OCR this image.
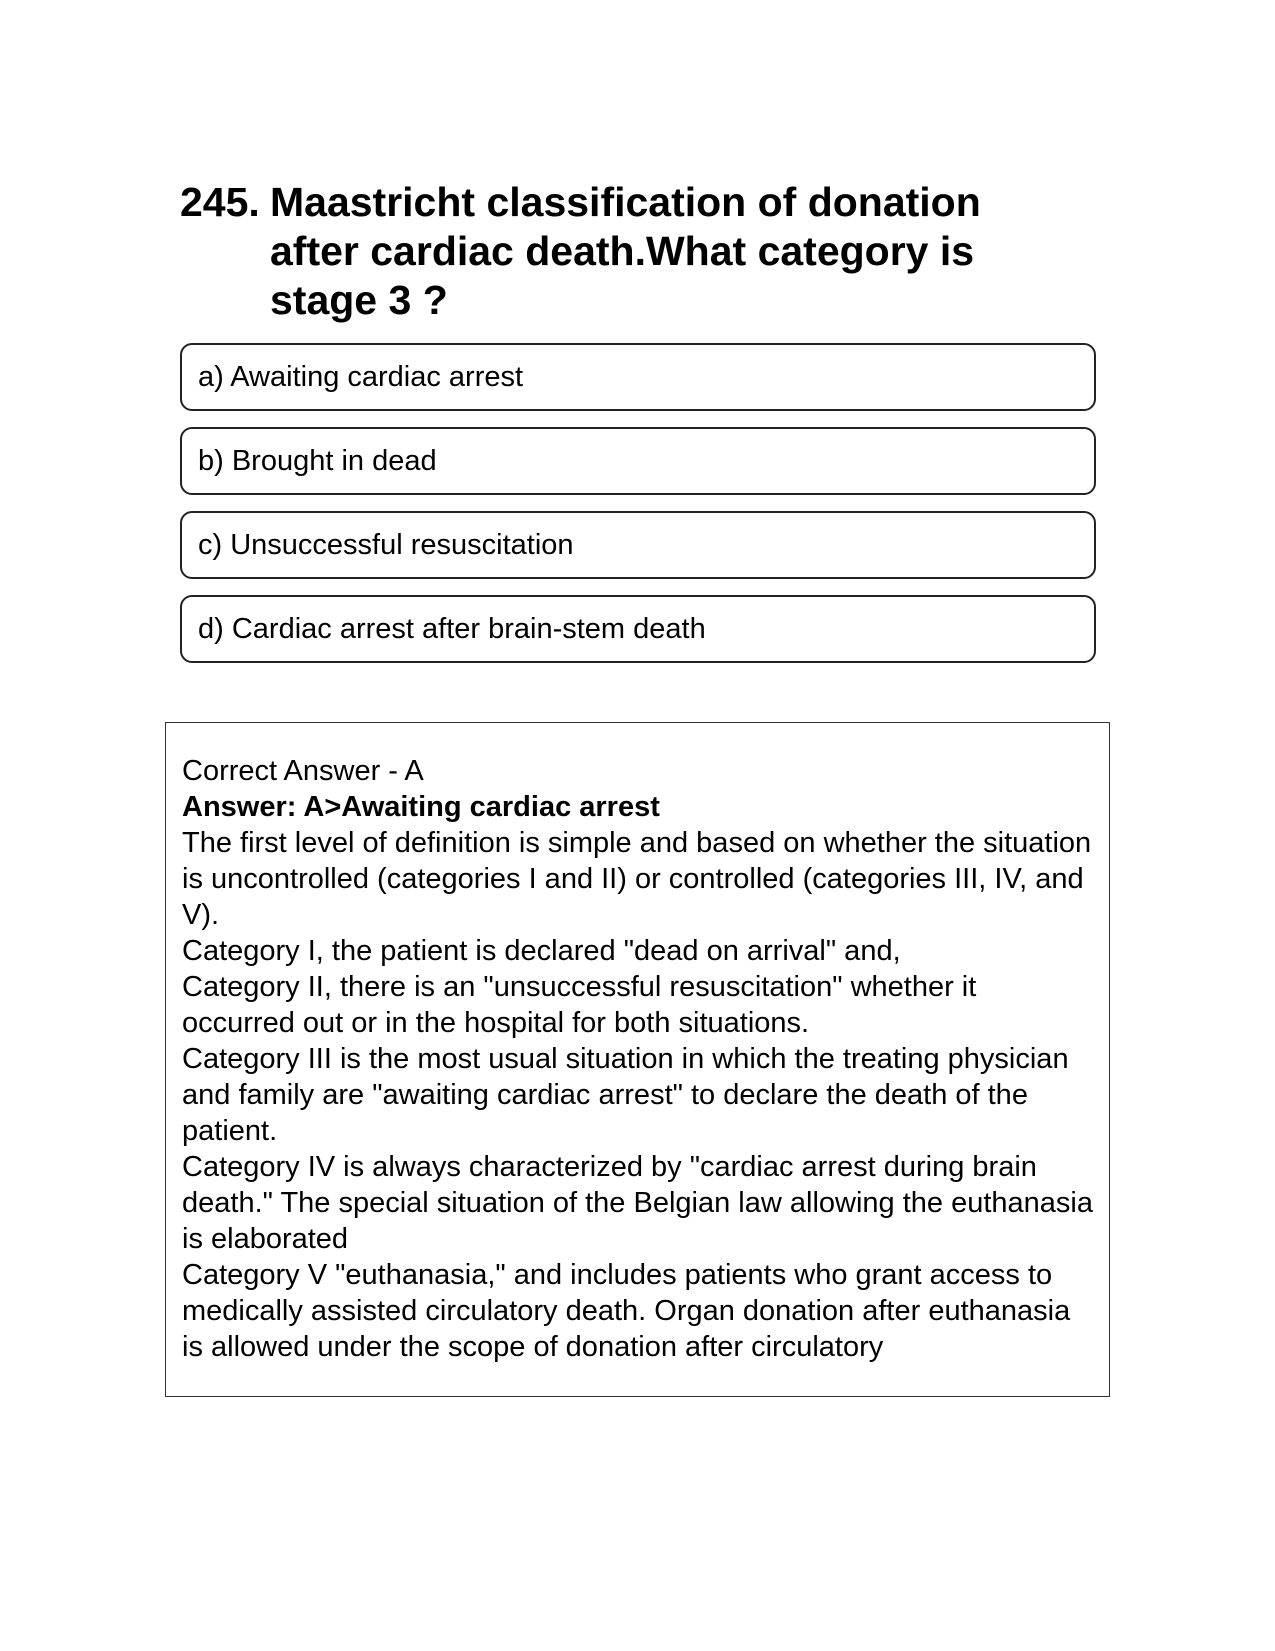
245. Maastricht classification of donation after cardiac death.What category is stage 3 ?
a) Awaiting cardiac arrest
b) Brought in dead
c) Unsuccessful resuscitation
d) Cardiac arrest after brain-stem death

Correct Answer - A

Answer: A>Awaiting cardiac arrest

The first level of definition is simple and based on whether the situation is uncontrolled (categories I and II) or controlled (categories III, IV, and V).

Category I, the patient is declared "dead on arrival" and,

Category II, there is an "unsuccessful resuscitation" whether it occurred out or in the hospital for both situations.

Category III is the most usual situation in which the treating physician and family are "awaiting cardiac arrest" to declare the death of the patient.

Category IV is always characterized by "cardiac arrest during brain death." The special situation of the Belgian law allowing the euthanasia is elaborated

Category V "euthanasia," and includes patients who grant access to medically assisted circulatory death. Organ donation after euthanasia is allowed under the scope of donation after circulatory
